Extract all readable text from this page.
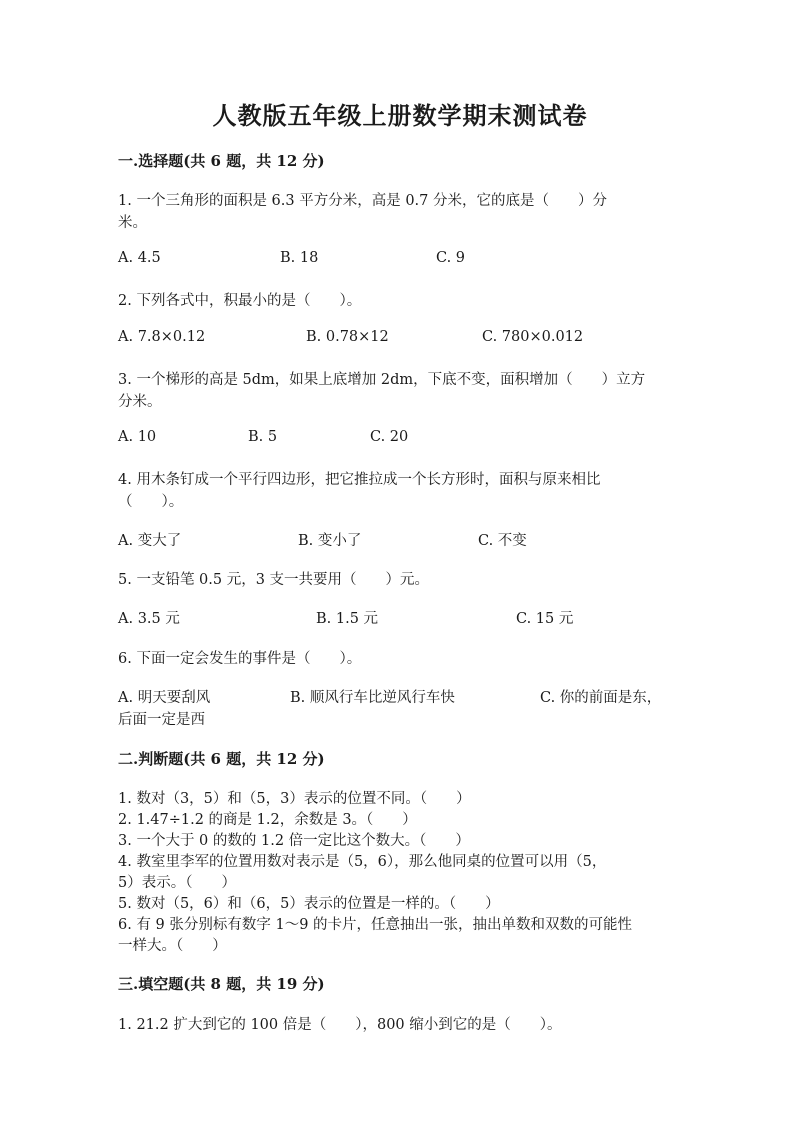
人教版五年级上册数学期末测试卷
一.选择题(共 6 题，共 12 分)
1. 一个三角形的面积是 6.3 平方分米，高是 0.7 分米，它的底是（　　）分
米。
A. 4.5	B. 18	C. 9
2. 下列各式中，积最小的是（　　）。
A. 7.8×0.12	B. 0.78×12	C. 780×0.012
3. 一个梯形的高是 5dm，如果上底增加 2dm，下底不变，面积增加（　　）立方
分米。
A. 10	B. 5	C. 20
4. 用木条钉成一个平行四边形，把它推拉成一个长方形时，面积与原来相比
（　　）。
A. 变大了	B. 变小了	C. 不变
5. 一支铅笔 0.5 元，3 支一共要用（　　）元。
A. 3.5 元	B. 1.5 元	C. 15 元
6. 下面一定会发生的事件是（　　）。
A. 明天要刮风	B. 顺风行车比逆风行车快	C. 你的前面是东，
后面一定是西
二.判断题(共 6 题，共 12 分)
1. 数对（3，5）和（5，3）表示的位置不同。（　　）
2. 1.47÷1.2 的商是 1.2，余数是 3。（　　）
3. 一个大于 0 的数的 1.2 倍一定比这个数大。（　　）
4. 教室里李军的位置用数对表示是（5，6），那么他同桌的位置可以用（5，
5）表示。（　　）
5. 数对（5，6）和（6，5）表示的位置是一样的。（　　）
6. 有 9 张分别标有数字 1～9 的卡片，任意抽出一张，抽出单数和双数的可能性
一样大。（　　）
三.填空题(共 8 题，共 19 分)
1. 21.2 扩大到它的 100 倍是（　　），800 缩小到它的是（　　）。
